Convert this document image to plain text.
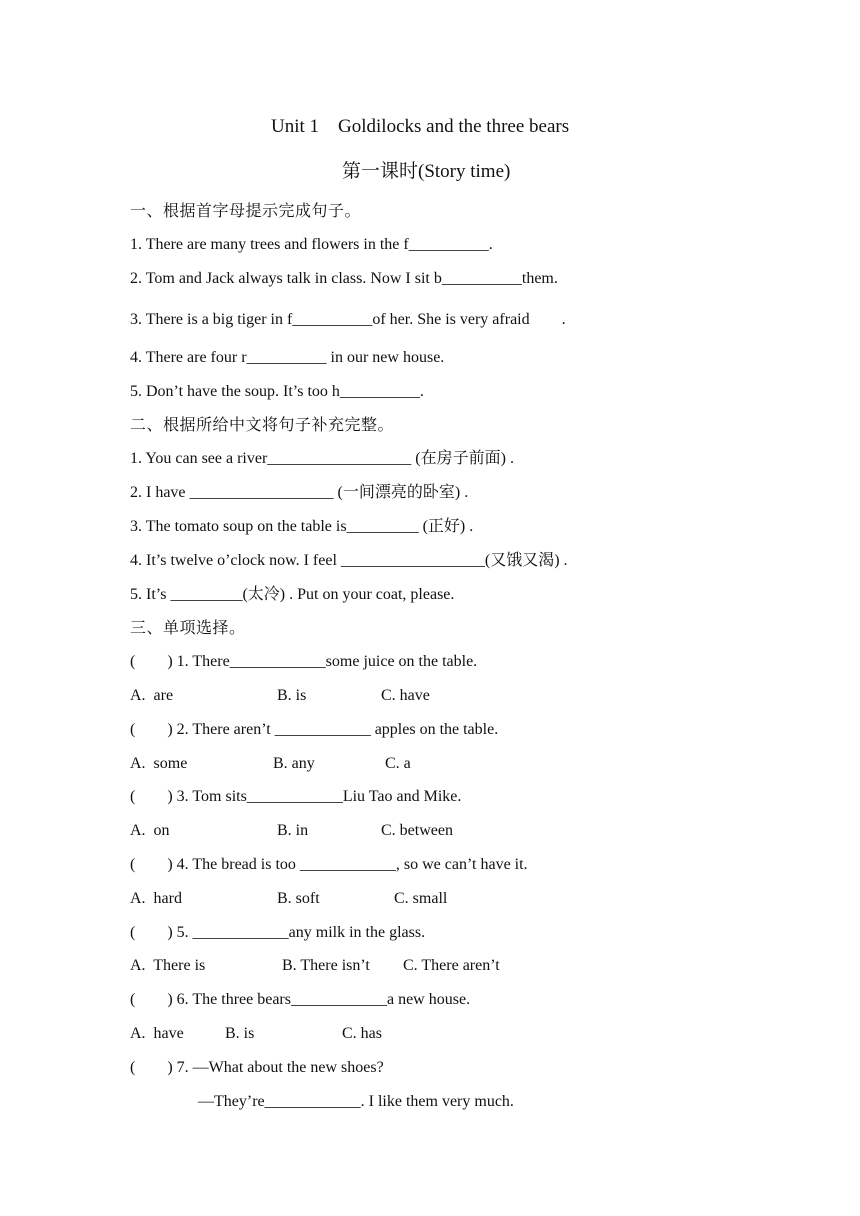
Unit 1    Goldilocks and the three bears
第一课时(Story time)
一、根据首字母提示完成句子。
1. There are many trees and flowers in the f__________.
2. Tom and Jack always talk in class. Now I sit b__________them.
3. There is a big tiger in f__________of her. She is very afraid        .
4. There are four r__________ in our new house.
5. Don’t have the soup. It’s too h__________.
二、根据所给中文将句子补充完整。
1. You can see a river__________________ (在房子前面) .
2. I have __________________ (一间漂亮的卧室) .
3. The tomato soup on the table is_________ (正好) .
4. It’s twelve o’clock now. I feel __________________(又饿又渴) .
5. It’s _________(太冷) . Put on your coat, please.
三、单项选择。
(        ) 1. There____________some juice on the table.
A.  are	B. is	C. have
(        ) 2. There aren’t ____________ apples on the table.
A.  some	B. any	C. a
(        ) 3. Tom sits____________Liu Tao and Mike.
A.  on	B. in	C. between
(        ) 4. The bread is too ____________, so we can’t have it.
A.  hard	B. soft	C. small
(        ) 5. ____________any milk in the glass.
A.  There is	B. There isn’t C. There aren’t
(        ) 6. The three bears____________a new house.
A.  have	B. is	C. has
(        ) 7. —What about the new shoes?
—They’re____________. I like them very much.
